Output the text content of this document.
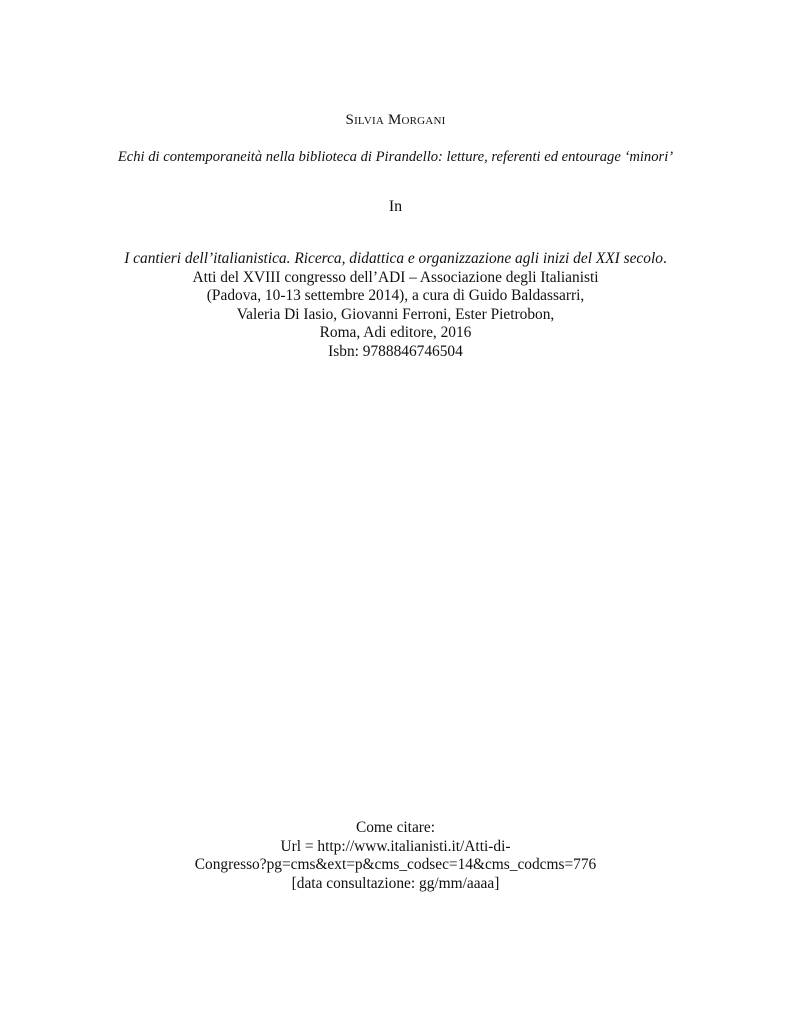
Silvia Morgani
Echi di contemporaneità nella biblioteca di Pirandello: letture, referenti ed entourage ‘minori’
In
I cantieri dell’italianistica. Ricerca, didattica e organizzazione agli inizi del XXI secolo.
Atti del XVIII congresso dell’ADI – Associazione degli Italianisti
(Padova, 10-13 settembre 2014), a cura di Guido Baldassarri,
Valeria Di Iasio, Giovanni Ferroni, Ester Pietrobon,
Roma, Adi editore, 2016
Isbn: 9788846746504
Come citare:
Url = http://www.italianisti.it/Atti-di-
Congresso?pg=cms&ext=p&cms_codsec=14&cms_codcms=776
[data consultazione: gg/mm/aaaa]
